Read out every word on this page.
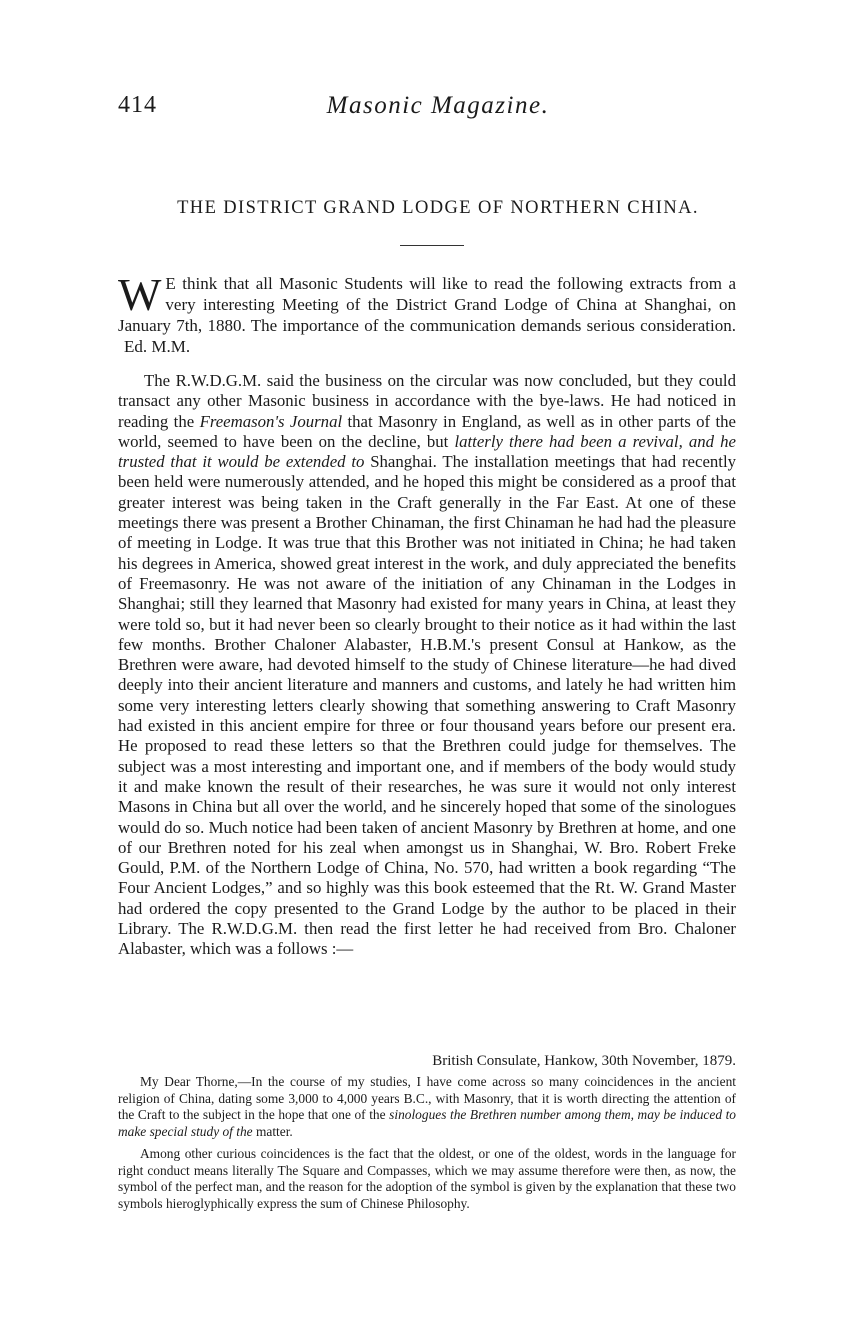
414	Masonic Magazine.
THE DISTRICT GRAND LODGE OF NORTHERN CHINA.
W E think that all Masonic Students will like to read the following extracts from a very interesting Meeting of the District Grand Lodge of China at Shanghai, on January 7th, 1880. The importance of the communication demands serious consideration. Ed. M.M.

The R.W.D.G.M. said the business on the circular was now concluded, but they could transact any other Masonic business in accordance with the bye-laws. He had noticed in reading the Freemason's Journal that Masonry in England, as well as in other parts of the world, seemed to have been on the decline, but latterly there had been a revival, and he trusted that it would be extended to Shanghai. The installation meetings that had recently been held were numerously attended, and he hoped this might be considered as a proof that greater interest was being taken in the Craft generally in the Far East. At one of these meetings there was present a Brother Chinaman, the first Chinaman he had had the pleasure of meeting in Lodge. It was true that this Brother was not initiated in China; he had taken his degrees in America, showed great interest in the work, and duly appreciated the benefits of Freemasonry. He was not aware of the initiation of any Chinaman in the Lodges in Shanghai; still they learned that Masonry had existed for many years in China, at least they were told so, but it had never been so clearly brought to their notice as it had within the last few months. Brother Chaloner Alabaster, H.B.M.'s present Consul at Hankow, as the Brethren were aware, had devoted himself to the study of Chinese literature—he had dived deeply into their ancient literature and manners and customs, and lately he had written him some very interesting letters clearly showing that something answering to Craft Masonry had existed in this ancient empire for three or four thousand years before our present era. He proposed to read these letters so that the Brethren could judge for themselves. The subject was a most interesting and important one, and if members of the body would study it and make known the result of their researches, he was sure it would not only interest Masons in China but all over the world, and he sincerely hoped that some of the sinologues would do so. Much notice had been taken of ancient Masonry by Brethren at home, and one of our Brethren noted for his zeal when amongst us in Shanghai, W. Bro. Robert Freke Gould, P.M. of the Northern Lodge of China, No. 570, had written a book regarding “The Four Ancient Lodges,” and so highly was this book esteemed that the Rt. W. Grand Master had ordered the copy presented to the Grand Lodge by the author to be placed in their Library. The R.W.D.G.M. then read the first letter he had received from Bro. Chaloner Alabaster, which was a follows :—

British Consulate, Hankow, 30th November, 1879.

My Dear Thorne,—In the course of my studies, I have come across so many coincidences in the ancient religion of China, dating some 3,000 to 4,000 years B.C., with Masonry, that it is worth directing the attention of the Craft to the subject in the hope that one of the sinologues the Brethren number among them, may be induced to make special study of the matter.

Among other curious coincidences is the fact that the oldest, or one of the oldest, words in the language for right conduct means literally The Square and Compasses, which we may assume therefore were then, as now, the symbol of the perfect man, and the reason for the adoption of the symbol is given by the explanation that these two symbols hieroglyphically express the sum of Chinese Philosophy.
